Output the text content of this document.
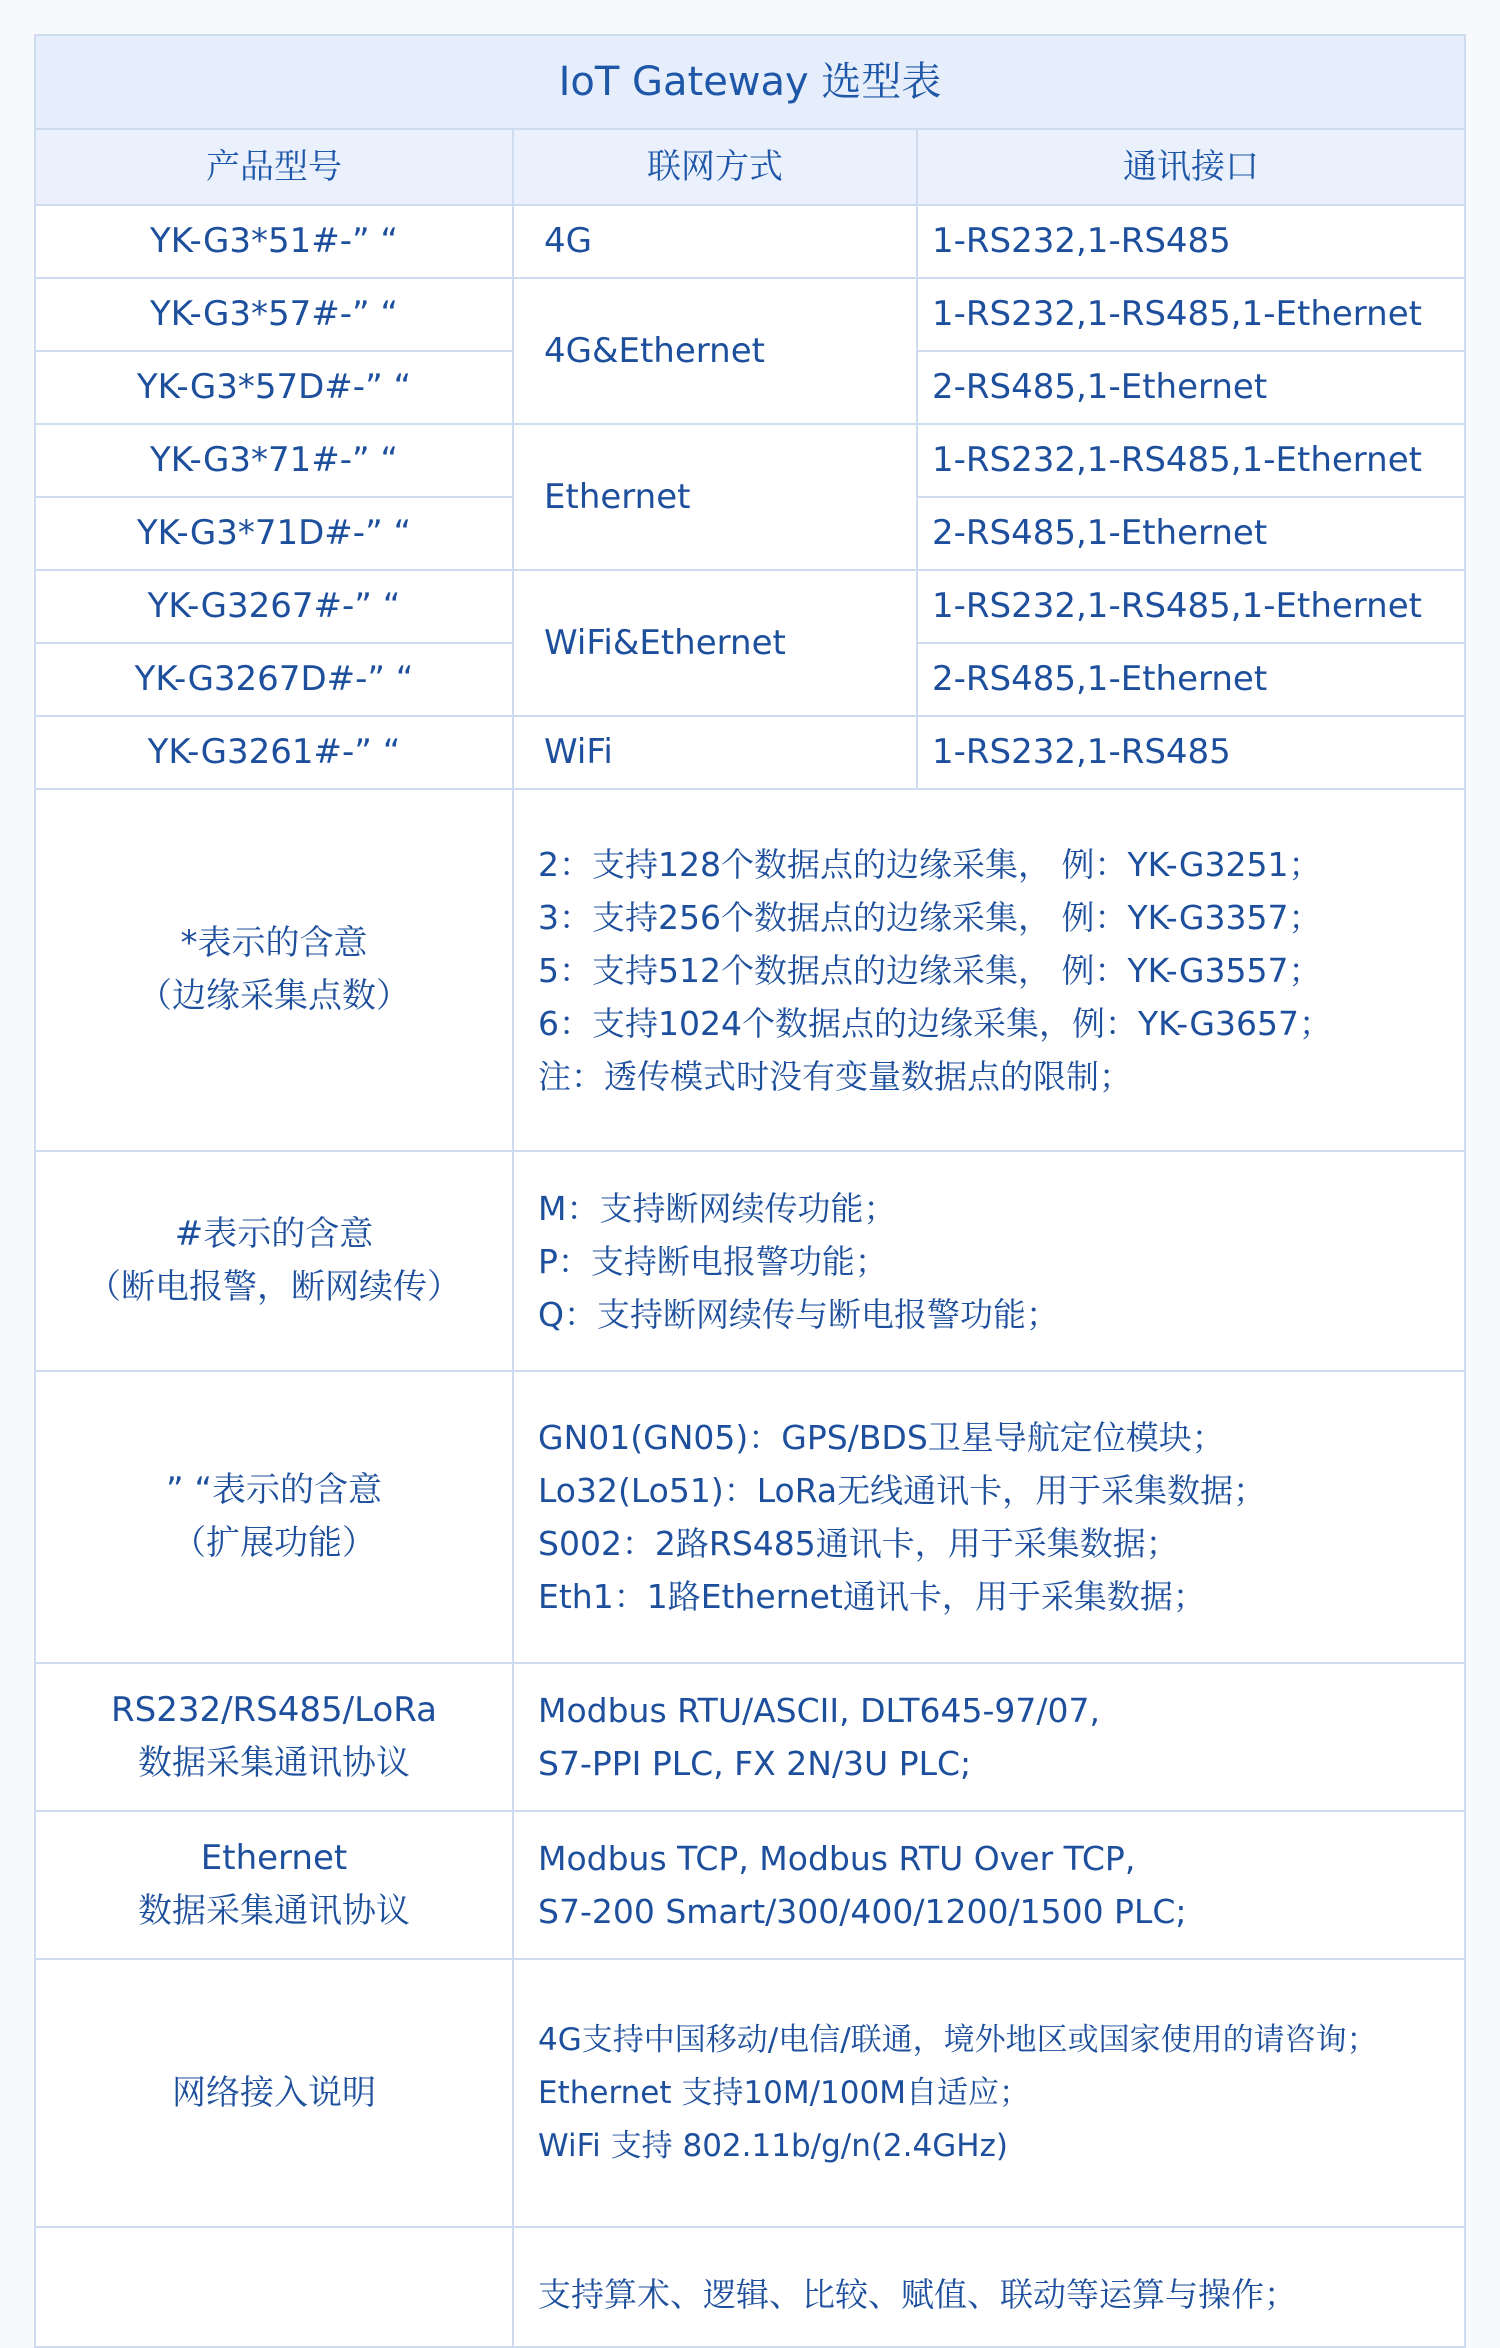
IoT Gateway 选型表		
产品型号	联网方式	通讯接口
YK-G3*51#-” “	4G	1-RS232,1-RS485
YK-G3*57#-” “	4G&Ethernet	1-RS232,1-RS485,1-Ethernet
YK-G3*57D#-” “		2-RS485,1-Ethernet
YK-G3*71#-” “	Ethernet	1-RS232,1-RS485,1-Ethernet
YK-G3*71D#-” “		2-RS485,1-Ethernet
YK-G3267#-” “	WiFi&Ethernet	1-RS232,1-RS485,1-Ethernet
YK-G3267D#-” “		2-RS485,1-Ethernet
YK-G3261#-” “	WiFi	1-RS232,1-RS485

*表示的含意
（边缘采集点数）	2：支持128个数据点的边缘采集， 例：YK-G3251；
3：支持256个数据点的边缘采集， 例：YK-G3357；
5：支持512个数据点的边缘采集， 例：YK-G3557；
6：支持1024个数据点的边缘采集，例：YK-G3657；
注：透传模式时没有变量数据点的限制；	

#表示的含意
（断电报警，断网续传）	M：支持断网续传功能；
P：支持断电报警功能；
Q：支持断网续传与断电报警功能；	

” “表示的含意
（扩展功能）	GN01(GN05)：GPS/BDS卫星导航定位模块；
Lo32(Lo51)：LoRa无线通讯卡，用于采集数据；
S002：2路RS485通讯卡，用于采集数据；
Eth1：1路Ethernet通讯卡，用于采集数据；	

RS232/RS485/LoRa
数据采集通讯协议	Modbus RTU/ASCII, DLT645-97/07,
S7-PPI PLC, FX 2N/3U PLC;	

Ethernet
数据采集通讯协议	Modbus TCP, Modbus RTU Over TCP,
S7-200 Smart/300/400/1200/1500 PLC;	

网络接入说明	4G支持中国移动/电信/联通，境外地区或国家使用的请咨询；
Ethernet 支持10M/100M自适应；
WiFi 支持 802.11b/g/n(2.4GHz)	

	支持算术、逻辑、比较、赋值、联动等运算与操作；	
